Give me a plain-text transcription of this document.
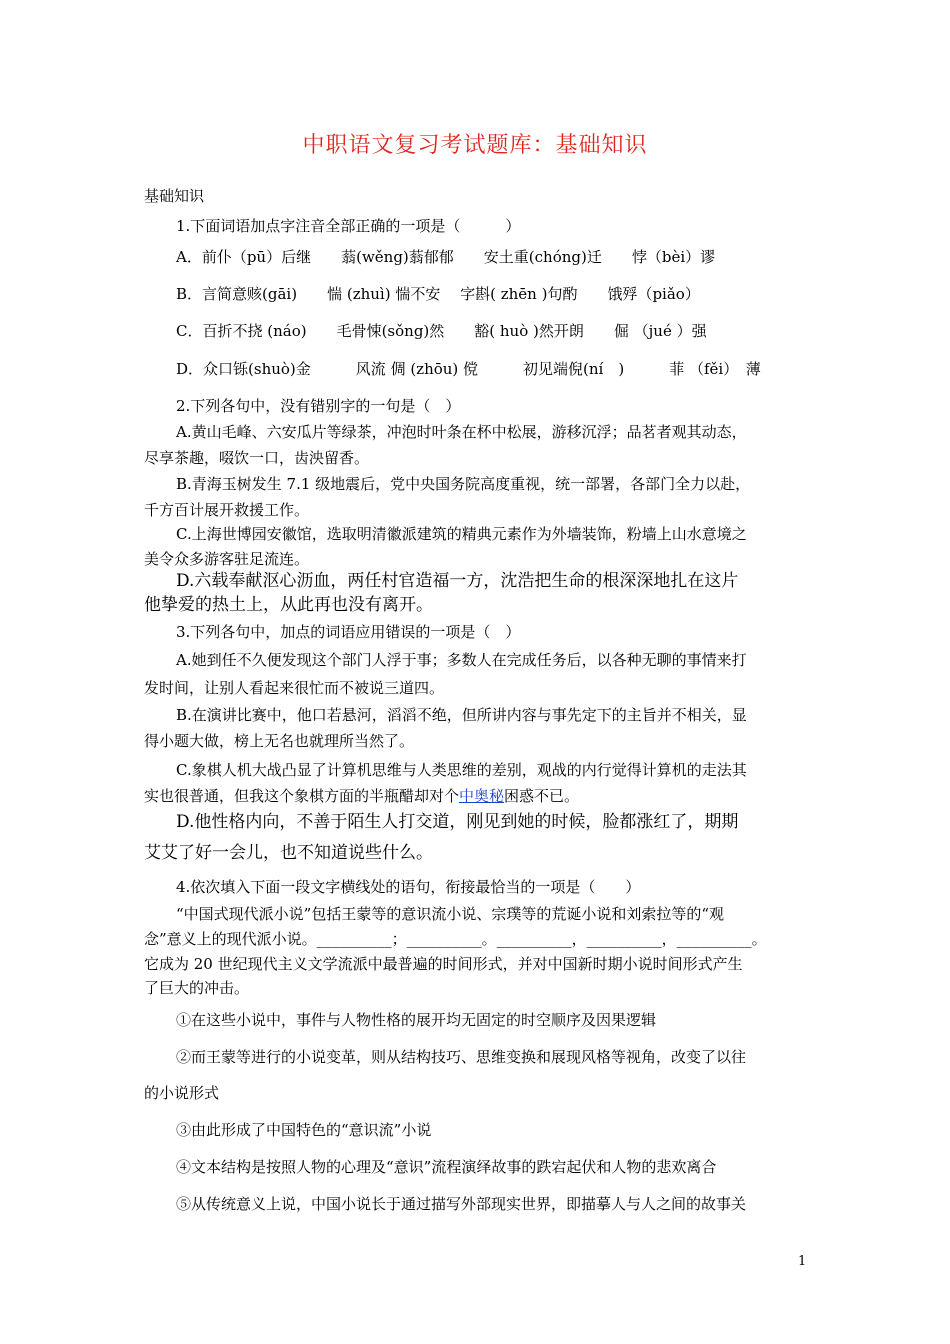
中职语文复习考试题库：基础知识
基础知识
1.下面词语加点字注音全部正确的一项是（　　　）
A．前仆（pū）后继　　蓊(wěng)蓊郁郁　　安土重(chóng)迁　　悖（bèi）谬
B．言简意赅(gāi)　　惴 (zhuì) 惴不安　 字斟( zhēn )句酌　　饿殍（piǎo）
C．百折不挠 (náo)　　毛骨悚(sǒng)然　　豁( huò )然开朗　　倔 （jué ）强
D．众口铄(shuò)金　　　风流 倜 (zhōu) 傥　　　初见端倪(ní　)　　　菲 （fěi）　薄
2.下列各句中，没有错别字的一句是（　）
A.黄山毛峰、六安瓜片等绿茶，冲泡时叶条在杯中松展，游移沉浮；品茗者观其动态，
尽享茶趣，啜饮一口，齿泱留香。
B.青海玉树发生 7.1 级地震后，党中央国务院高度重视，统一部署，各部门全力以赴，
千方百计展开救援工作。
C.上海世博园安徽馆，选取明清徽派建筑的精典元素作为外墙装饰，粉墙上山水意境之
美令众多游客驻足流连。
D.六载奉献沤心沥血，两任村官造福一方，沈浩把生命的根深深地扎在这片
他挚爱的热土上，从此再也没有离开。
3.下列各句中，加点的词语应用错误的一项是（　）
A.她到任不久便发现这个部门人浮于事；多数人在完成任务后，以各种无聊的事情来打
发时间，让别人看起来很忙而不被说三道四。
B.在演讲比赛中，他口若悬河，滔滔不绝，但所讲内容与事先定下的主旨并不相关，显
得小题大做，榜上无名也就理所当然了。
C.象棋人机大战凸显了计算机思维与人类思维的差别，观战的内行觉得计算机的走法其
实也很普通，但我这个象棋方面的半瓶醋却对个中奥秘困惑不已。
D.他性格内向，不善于陌生人打交道，刚见到她的时候，脸都涨红了，期期
艾艾了好一会儿，也不知道说些什么。
4.依次填入下面一段文字横线处的语句，衔接最恰当的一项是（　　）
“中国式现代派小说”包括王蒙等的意识流小说、宗璞等的荒诞小说和刘索拉等的“观
念”意义上的现代派小说。__________；__________。__________，__________，__________。
它成为 20 世纪现代主义文学流派中最普遍的时间形式，并对中国新时期小说时间形式产生
了巨大的冲击。
①在这些小说中，事件与人物性格的展开均无固定的时空顺序及因果逻辑
②而王蒙等进行的小说变革，则从结构技巧、思维变换和展现风格等视角，改变了以往
的小说形式
③由此形成了中国特色的“意识流”小说
④文本结构是按照人物的心理及“意识”流程演绎故事的跌宕起伏和人物的悲欢离合
⑤从传统意义上说，中国小说长于通过描写外部现实世界，即描摹人与人之间的故事关
1
